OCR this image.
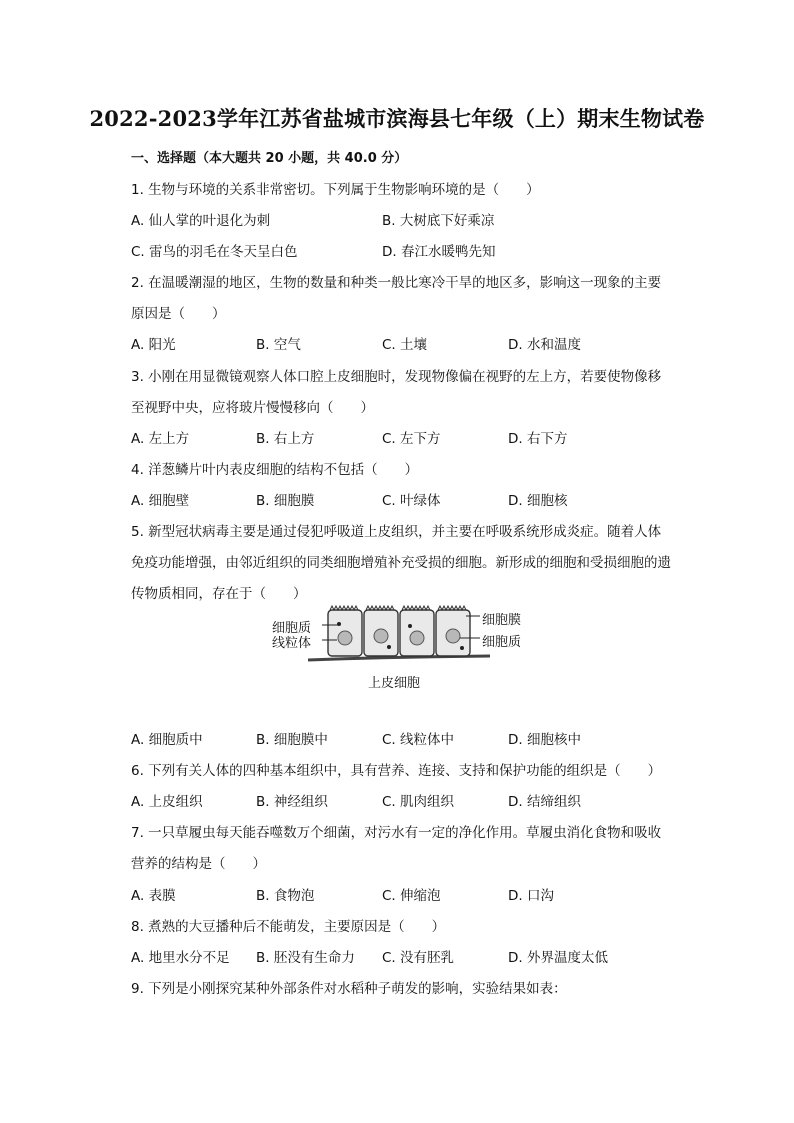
2022-2023学年江苏省盐城市滨海县七年级（上）期末生物试卷
一、选择题（本大题共 20 小题，共 40.0 分）
1. 生物与环境的关系非常密切。下列属于生物影响环境的是（　　）
A. 仙人掌的叶退化为刺	B. 大树底下好乘凉
C. 雷鸟的羽毛在冬天呈白色	D. 春江水暖鸭先知
2. 在温暖潮湿的地区，生物的数量和种类一般比寒冷干旱的地区多，影响这一现象的主要
原因是（　　）
A. 阳光	B. 空气	C. 土壤	D. 水和温度
3. 小刚在用显微镜观察人体口腔上皮细胞时，发现物像偏在视野的左上方，若要使物像移
至视野中央，应将玻片慢慢移向（　　）
A. 左上方	B. 右上方	C. 左下方	D. 右下方
4. 洋葱鳞片叶内表皮细胞的结构不包括（　　）
A. 细胞壁	B. 细胞膜	C. 叶绿体	D. 细胞核
5. 新型冠状病毒主要是通过侵犯呼吸道上皮组织，并主要在呼吸系统形成炎症。随着人体
免疫功能增强，由邻近组织的同类细胞增殖补充受损的细胞。新形成的细胞和受损细胞的遗
传物质相同，存在于（　　）
细胞质
线粒体
细胞膜
细胞质
上皮细胞
A. 细胞质中	B. 细胞膜中	C. 线粒体中	D. 细胞核中
6. 下列有关人体的四种基本组织中，具有营养、连接、支持和保护功能的组织是（　　）
A. 上皮组织	B. 神经组织	C. 肌肉组织	D. 结缔组织
7. 一只草履虫每天能吞噬数万个细菌，对污水有一定的净化作用。草履虫消化食物和吸收
营养的结构是（　　）
A. 表膜	B. 食物泡	C. 伸缩泡	D. 口沟
8. 煮熟的大豆播种后不能萌发，主要原因是（　　）
A. 地里水分不足 B. 胚没有生命力 C. 没有胚乳	D. 外界温度太低
9. 下列是小刚探究某种外部条件对水稻种子萌发的影响，实验结果如表：
